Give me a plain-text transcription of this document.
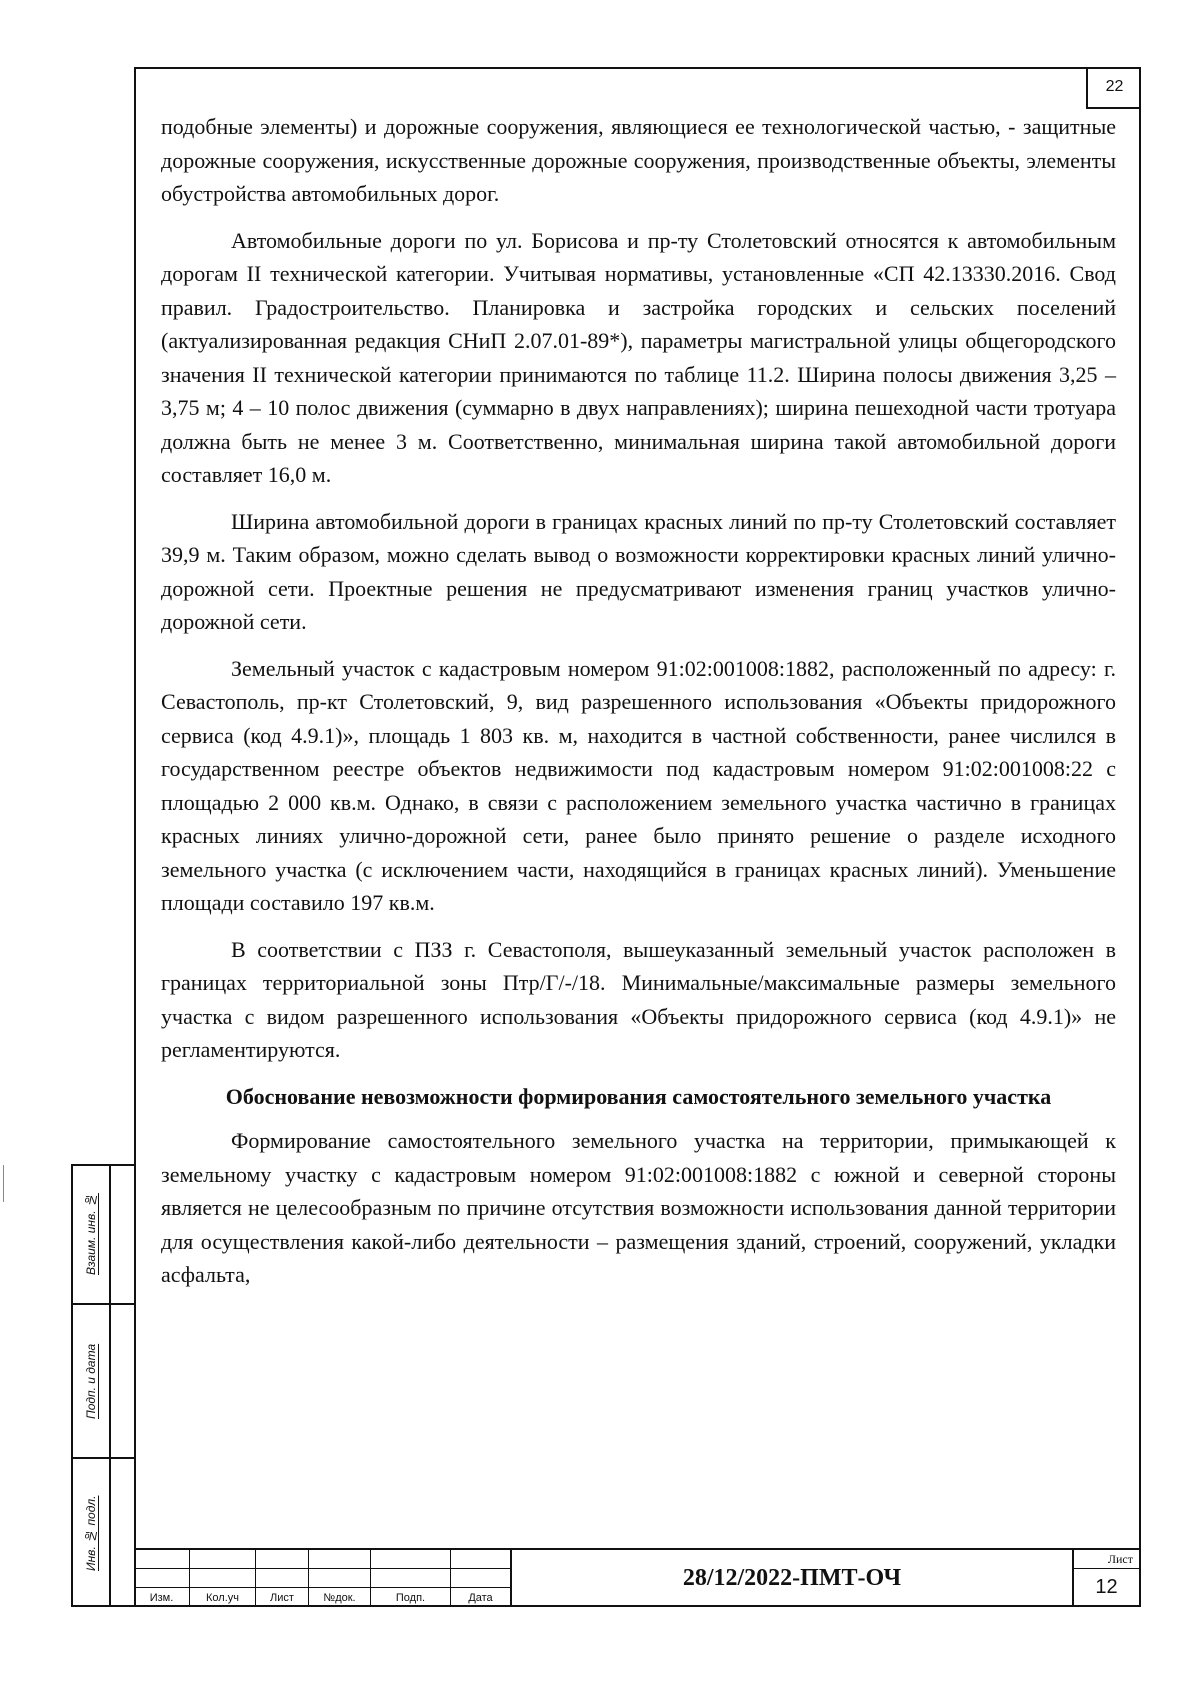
22
Взаим. инв. №
Подп. и дата
Инв. № подл.

подобные элементы) и дорожные сооружения, являющиеся ее технологической частью, - защитные дорожные сооружения, искусственные дорожные сооружения, производственные объекты, элементы обустройства автомобильных дорог.

Автомобильные дороги по ул. Борисова и пр-ту Столетовский относятся к автомобильным дорогам II технической категории. Учитывая нормативы, установленные «СП 42.13330.2016. Свод правил. Градостроительство. Планировка и застройка городских и сельских поселений (актуализированная редакция СНиП 2.07.01-89*), параметры магистральной улицы общегородского значения II технической категории принимаются по таблице 11.2. Ширина полосы движения 3,25 – 3,75 м; 4 – 10 полос движения (суммарно в двух направлениях); ширина пешеходной части тротуара должна быть не менее 3 м. Соответственно, минимальная ширина такой автомобильной дороги составляет 16,0 м.

Ширина автомобильной дороги в границах красных линий по пр-ту Столетовский составляет 39,9 м. Таким образом, можно сделать вывод о возможности корректировки красных линий улично-дорожной сети. Проектные решения не предусматривают изменения границ участков улично-дорожной сети.

Земельный участок с кадастровым номером 91:02:001008:1882, расположенный по адресу: г. Севастополь, пр-кт Столетовский, 9, вид разрешенного использования «Объекты придорожного сервиса (код 4.9.1)», площадь 1 803 кв. м, находится в частной собственности, ранее числился в государственном реестре объектов недвижимости под кадастровым номером 91:02:001008:22 с площадью 2 000 кв.м. Однако, в связи с расположением земельного участка частично в границах красных линиях улично-дорожной сети, ранее было принято решение о разделе исходного земельного участка (с исключением части, находящийся в границах красных линий). Уменьшение площади составило 197 кв.м.

В соответствии с ПЗЗ г. Севастополя, вышеуказанный земельный участок расположен в границах территориальной зоны Птр/Г/-/18. Минимальные/максимальные размеры земельного участка с видом разрешенного использования «Объекты придорожного сервиса (код 4.9.1)» не регламентируются.

Обоснование невозможности формирования самостоятельного земельного участка

Формирование самостоятельного земельного участка на территории, примыкающей к земельному участку с кадастровым номером 91:02:001008:1882 с южной и северной стороны является не целесообразным по причине отсутствия возможности использования данной территории для осуществления какой-либо деятельности – размещения зданий, строений, сооружений, укладки асфальта,

Изм.	Кол.уч	Лист	№док.	Подп.	Дата
28/12/2022-ПМТ-ОЧ
Лист
12
